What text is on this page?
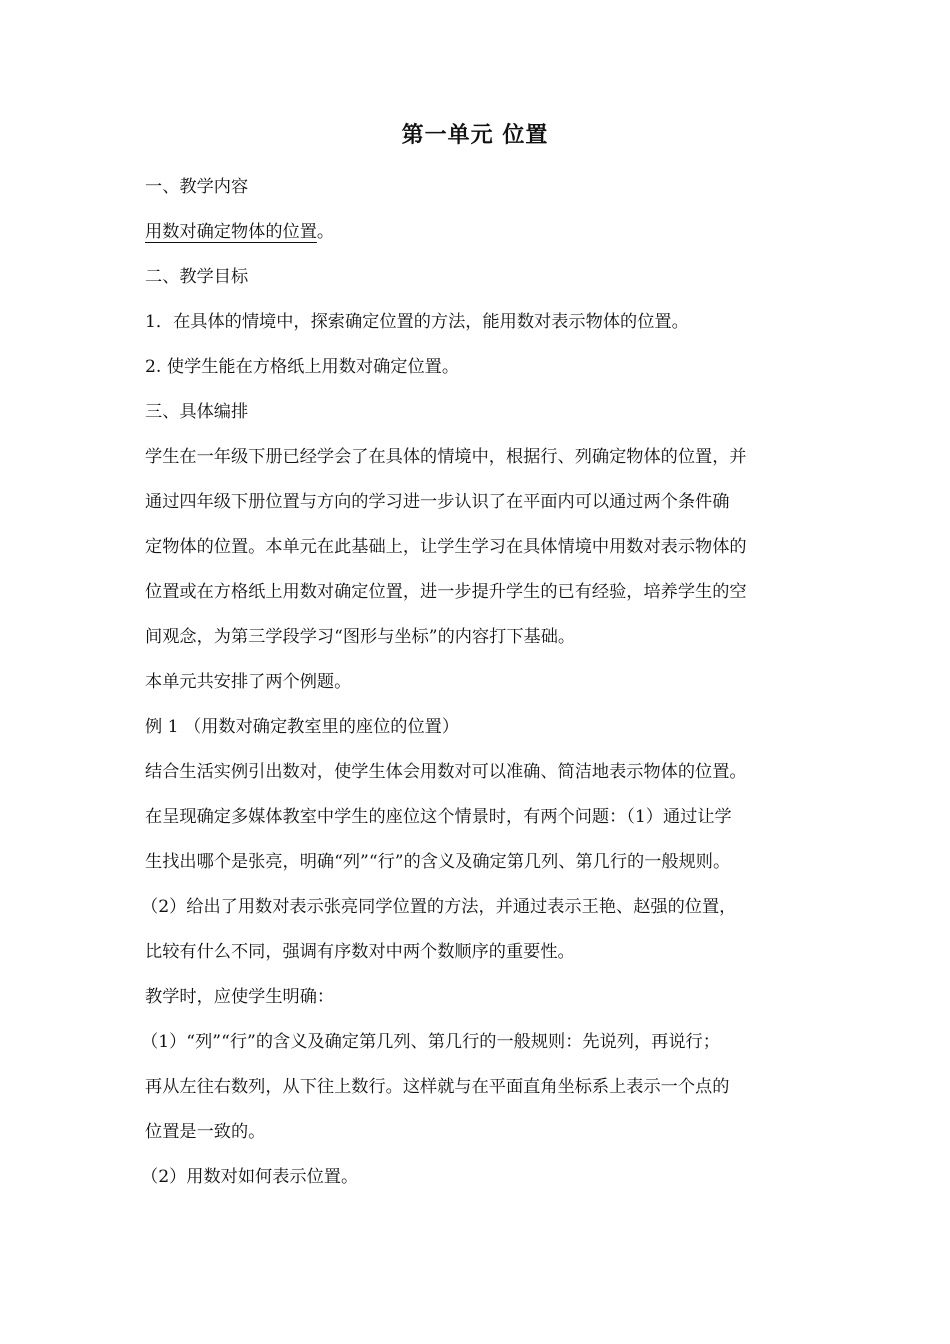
第一单元 位置
一、教学内容
用数对确定物体的位置。
二、教学目标
1．在具体的情境中，探索确定位置的方法，能用数对表示物体的位置。
2. 使学生能在方格纸上用数对确定位置。
三、具体编排
学生在一年级下册已经学会了在具体的情境中，根据行、列确定物体的位置，并
通过四年级下册位置与方向的学习进一步认识了在平面内可以通过两个条件确
定物体的位置。本单元在此基础上，让学生学习在具体情境中用数对表示物体的
位置或在方格纸上用数对确定位置，进一步提升学生的已有经验，培养学生的空
间观念，为第三学段学习“图形与坐标”的内容打下基础。
本单元共安排了两个例题。
例 1 （用数对确定教室里的座位的位置）
结合生活实例引出数对，使学生体会用数对可以准确、简洁地表示物体的位置。
在呈现确定多媒体教室中学生的座位这个情景时，有两个问题：（1）通过让学
生找出哪个是张亮，明确“列”“行”的含义及确定第几列、第几行的一般规则。
（2）给出了用数对表示张亮同学位置的方法，并通过表示王艳、赵强的位置，
比较有什么不同，强调有序数对中两个数顺序的重要性。
教学时，应使学生明确：
（1）“列”“行”的含义及确定第几列、第几行的一般规则：先说列，再说行；
再从左往右数列，从下往上数行。这样就与在平面直角坐标系上表示一个点的
位置是一致的。
（2）用数对如何表示位置。
